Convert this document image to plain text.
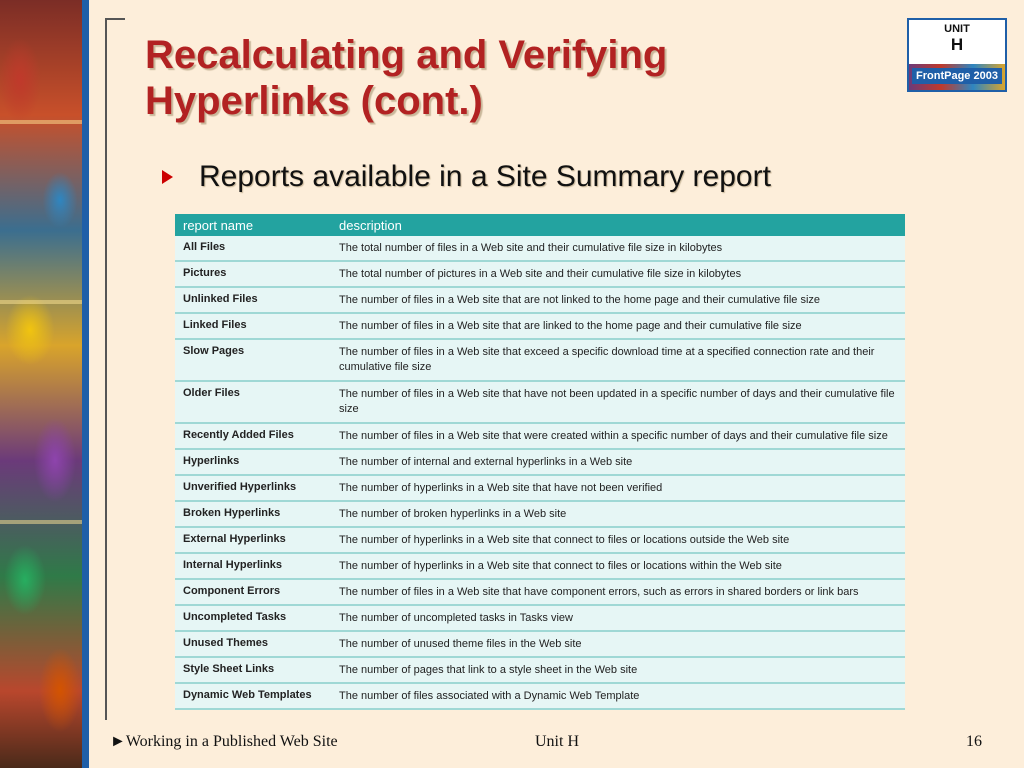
Recalculating and Verifying Hyperlinks (cont.)
UNIT
H
FrontPage 2003
Reports available in a Site Summary report
report name	description
All Files	The total number of files in a Web site and their cumulative file size in kilobytes
Pictures	The total number of pictures in a Web site and their cumulative file size in kilobytes
Unlinked Files	The number of files in a Web site that are not linked to the home page and their cumulative file size
Linked Files	The number of files in a Web site that are linked to the home page and their cumulative file size
Slow Pages	The number of files in a Web site that exceed a specific download time at a specified connection rate and their cumulative file size
Older Files	The number of files in a Web site that have not been updated in a specific number of days and their cumulative file size
Recently Added Files	The number of files in a Web site that were created within a specific number of days and their cumulative file size
Hyperlinks	The number of internal and external hyperlinks in a Web site
Unverified Hyperlinks	The number of hyperlinks in a Web site that have not been verified
Broken Hyperlinks	The number of broken hyperlinks in a Web site
External Hyperlinks	The number of hyperlinks in a Web site that connect to files or locations outside the Web site
Internal Hyperlinks	The number of hyperlinks in a Web site that connect to files or locations within the Web site
Component Errors	The number of files in a Web site that have component errors, such as errors in shared borders or link bars
Uncompleted Tasks	The number of uncompleted tasks in Tasks view
Unused Themes	The number of unused theme files in the Web site
Style Sheet Links	The number of pages that link to a style sheet in the Web site
Dynamic Web Templates	The number of files associated with a Dynamic Web Template
►Working in a Published Web Site	Unit H	16
